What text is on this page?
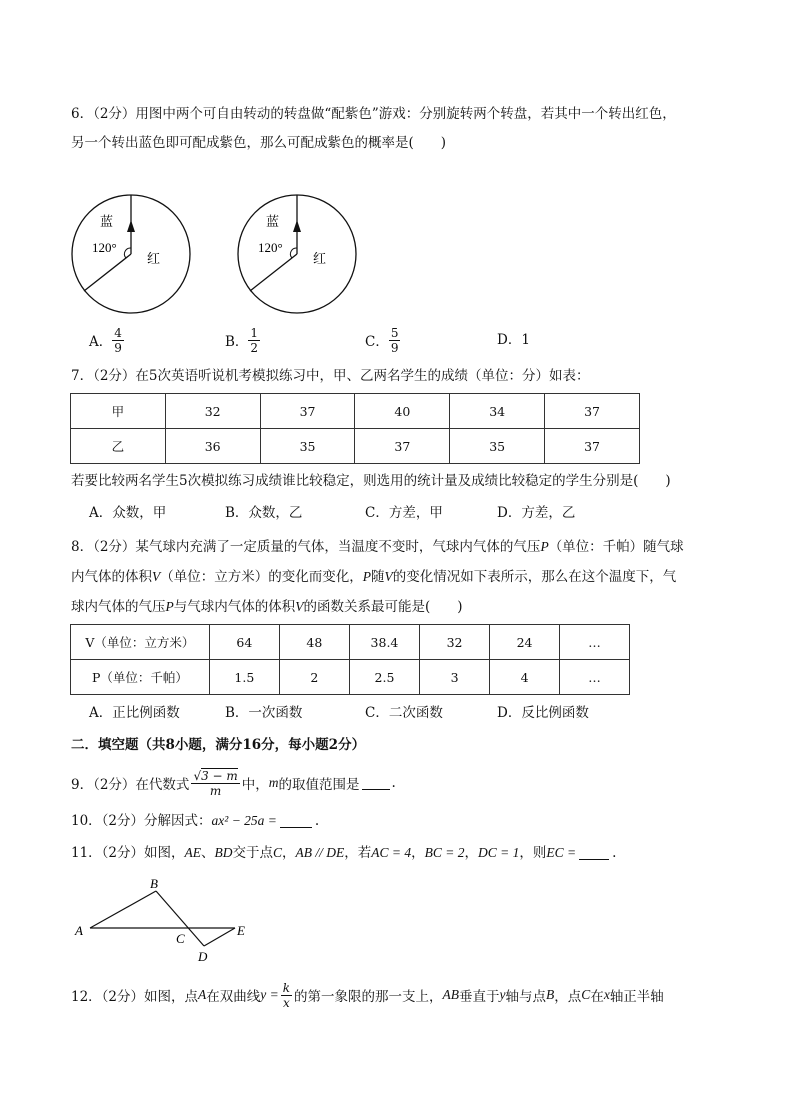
6．（2分）用图中两个可自由转动的转盘做“配紫色”游戏：分别旋转两个转盘，若其中一个转出红色，
另一个转出蓝色即可配成紫色，那么可配成紫色的概率是(　　)
蓝
120°
红
蓝
120°
红
A． $\frac{4}{9}$	B． $\frac{1}{2}$	C． $\frac{5}{9}$	D．1
7．（2分）在5次英语听说机考模拟练习中，甲、乙两名学生的成绩（单位：分）如表：
甲	32	37	40	34	37
乙	36	35	37	35	37
若要比较两名学生5次模拟练习成绩谁比较稳定，则选用的统计量及成绩比较稳定的学生分别是(　　)
A．众数，甲	B．众数，乙	C．方差，甲	D．方差，乙
8．（2分）某气球内充满了一定质量的气体，当温度不变时，气球内气体的气压P（单位：千帕）随气球
内气体的体积V（单位：立方米）的变化而变化，P随V的变化情况如下表所示，那么在这个温度下，气
球内气体的气压P与气球内气体的体积V的函数关系最可能是(　　)
V（单位：立方米）	64	48	38.4	32	24	…
P（单位：千帕）	1.5	2	2.5	3	4	…
A．正比例函数	B．一次函数	C．二次函数	D．反比例函数
二．填空题（共8小题，满分16分，每小题2分）
9．（2分）在代数式 $\frac{√3 - m}{m}$ 中， m 的取值范围是 .
10．（2分）分解因式： ax² − 25a =	.
11．（2分）如图， AE 、 BD 交于点 C ， AB // DE ，若 AC = 4 ， BC = 2 ， DC = 1 ，则 EC =	.
A
B
C
D
E
12．（2分）如图，点 A 在双曲线 $y = \frac{k}{x}$ 的第一象限的那一支上， AB 垂直于 y 轴与点 B ，点 C 在 x 轴正半轴
